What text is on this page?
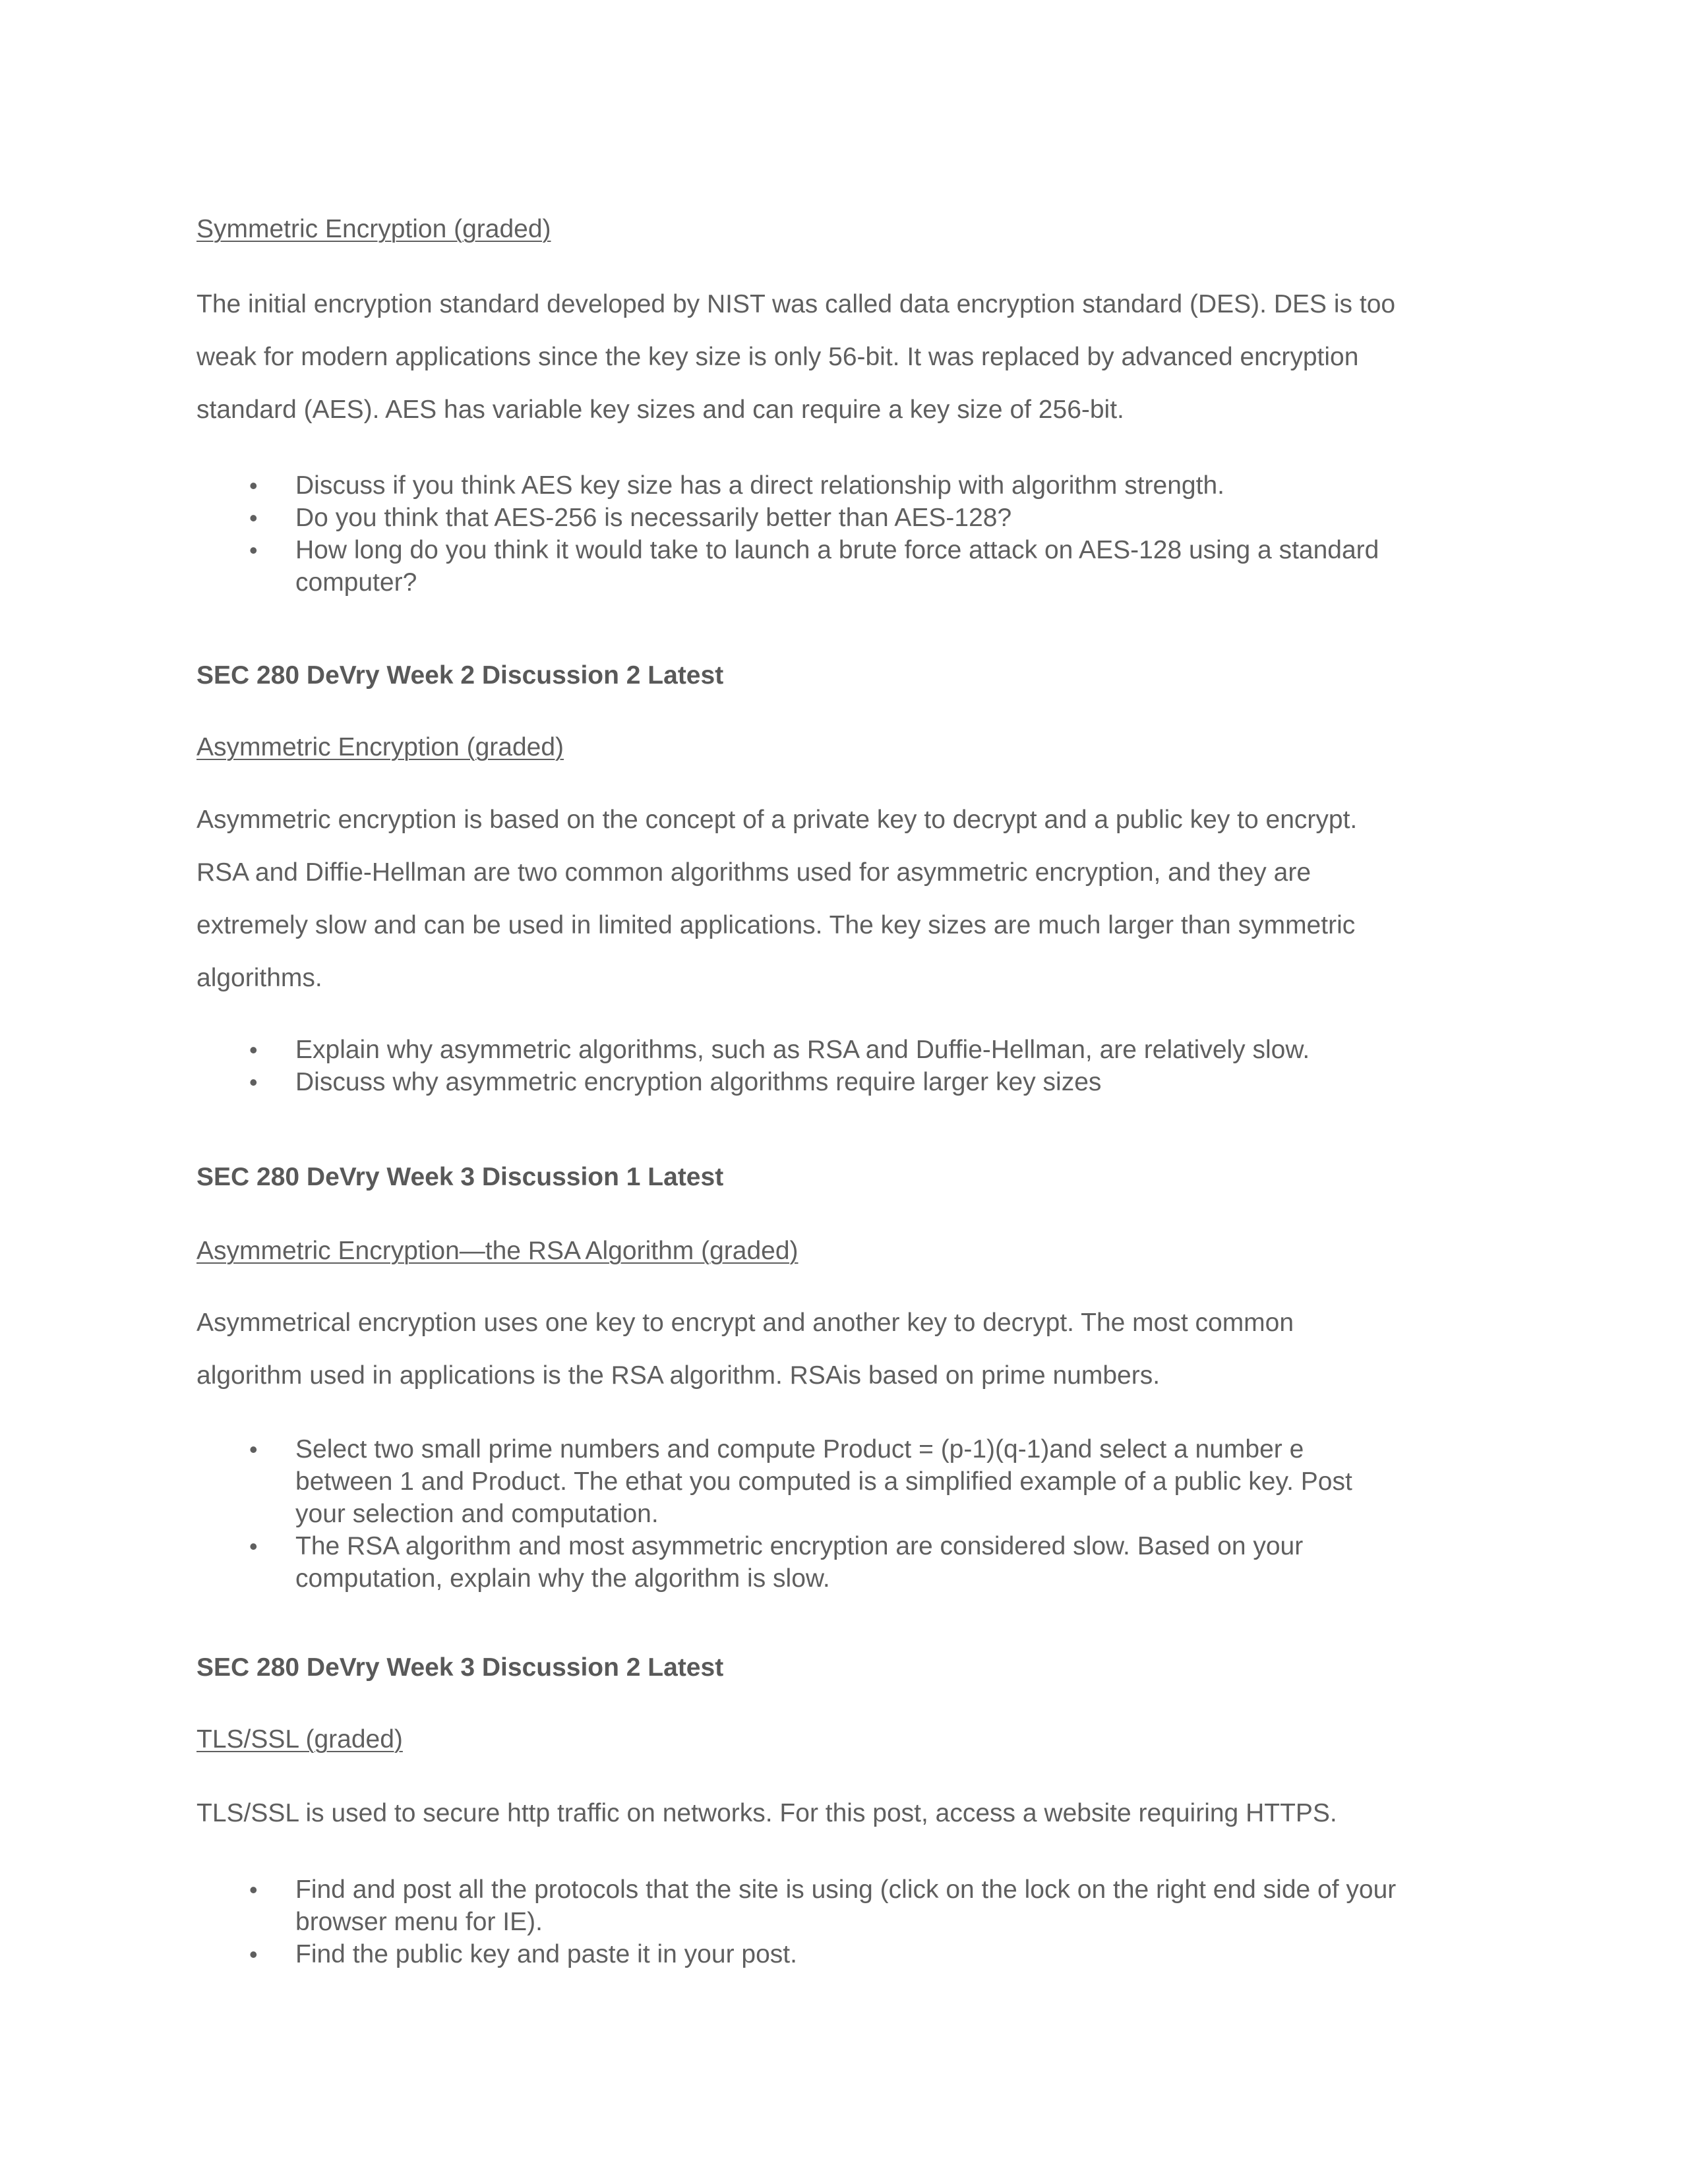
Symmetric Encryption (graded)

The initial encryption standard developed by NIST was called data encryption standard (DES). DES is too
weak for modern applications since the key size is only 56-bit. It was replaced by advanced encryption
standard (AES). AES has variable key sizes and can require a key size of 256-bit.

• Discuss if you think AES key size has a direct relationship with algorithm strength.
• Do you think that AES-256 is necessarily better than AES-128?
• How long do you think it would take to launch a brute force attack on AES-128 using a standard
computer?
SEC 280 DeVry Week 2 Discussion 2 Latest
Asymmetric Encryption (graded)

Asymmetric encryption is based on the concept of a private key to decrypt and a public key to encrypt.
RSA and Diffie-Hellman are two common algorithms used for asymmetric encryption, and they are
extremely slow and can be used in limited applications. The key sizes are much larger than symmetric
algorithms.

• Explain why asymmetric algorithms, such as RSA and Duffie-Hellman, are relatively slow.
• Discuss why asymmetric encryption algorithms require larger key sizes
SEC 280 DeVry Week 3 Discussion 1 Latest
Asymmetric Encryption—the RSA Algorithm (graded)

Asymmetrical encryption uses one key to encrypt and another key to decrypt. The most common
algorithm used in applications is the RSA algorithm. RSAis based on prime numbers.

• Select two small prime numbers and compute Product = (p-1)(q-1)and select a number e
between 1 and Product. The ethat you computed is a simplified example of a public key. Post
your selection and computation.
• The RSA algorithm and most asymmetric encryption are considered slow. Based on your
computation, explain why the algorithm is slow.
SEC 280 DeVry Week 3 Discussion 2 Latest
TLS/SSL (graded)

TLS/SSL is used to secure http traffic on networks. For this post, access a website requiring HTTPS.

• Find and post all the protocols that the site is using (click on the lock on the right end side of your
browser menu for IE).
• Find the public key and paste it in your post.
